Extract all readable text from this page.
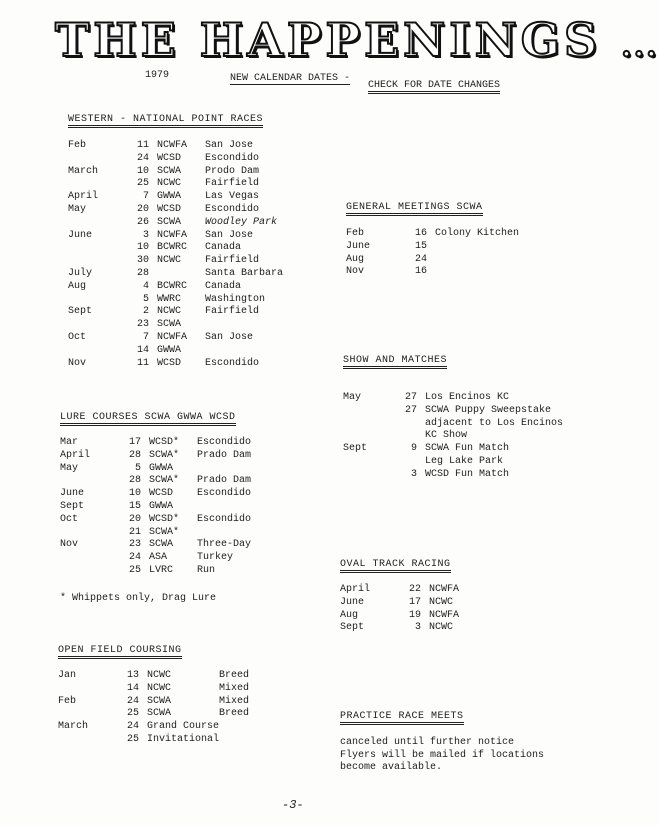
THE HAPPENINGS ...
1979	NEW CALENDAR DATES -
CHECK FOR DATE CHANGES
WESTERN - NATIONAL POINT RACES
Feb	11	NCWFA	San Jose
	24	WCSD	Escondido
March	10	SCWA	Prodo Dam
	25	NCWC	Fairfield
April	7	GWWA	Las Vegas
May	20	WCSD	Escondido
	26	SCWA	Woodley Park
June	3	NCWFA	San Jose
	10	BCWRC	Canada
	30	NCWC	Fairfield
July	28		Santa Barbara
Aug	4	BCWRC	Canada
	5	WWRC	Washington
Sept	2	NCWC	Fairfield
	23	SCWA	
Oct	7	NCWFA	San Jose
	14	GWWA	
Nov	11	WCSD	Escondido
LURE COURSES SCWA GWWA WCSD
Mar	17	WCSD*	Escondido
April	28	SCWA*	Prado Dam
May	5	GWWA	
	28	SCWA*	Prado Dam
June	10	WCSD	Escondido
Sept	15	GWWA	
Oct	20	WCSD*	Escondido
	21	SCWA*	
Nov	23	SCWA	Three-Day
	24	ASA	Turkey
	25	LVRC	Run
* Whippets only, Drag Lure
OPEN FIELD COURSING
Jan	13	NCWC	Breed
	14	NCWC	Mixed
Feb	24	SCWA	Mixed
	25	SCWA	Breed
March	24	Grand Course	
	25	Invitational	
GENERAL MEETINGS SCWA
Feb	16	Colony Kitchen
June	15	
Aug	24	
Nov	16	
SHOW AND MATCHES
May	27	Los Encinos KC
	27	SCWA Puppy Sweepstake
		adjacent to Los Encinos
		KC Show
Sept	9	SCWA Fun Match
		Leg Lake Park
	3	WCSD Fun Match
OVAL TRACK RACING
April	22	NCWFA
June	17	NCWC
Aug	19	NCWFA
Sept	3	NCWC
PRACTICE RACE MEETS
canceled until further notice
Flyers will be mailed if locations
become available.
-3-
